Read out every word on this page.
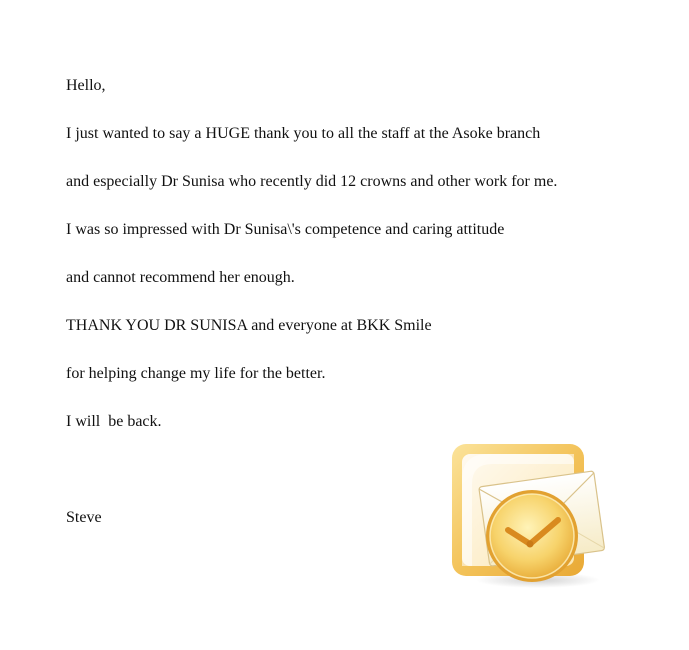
Hello,
I just wanted to say a HUGE thank you to all the staff at the Asoke branch
and especially Dr Sunisa who recently did 12 crowns and other work for me.
I was so impressed with Dr Sunisa\'s competence and caring attitude
and cannot recommend her enough.
THANK YOU DR SUNISA and everyone at BKK Smile
for helping change my life for the better.
I will  be back.
Steve
